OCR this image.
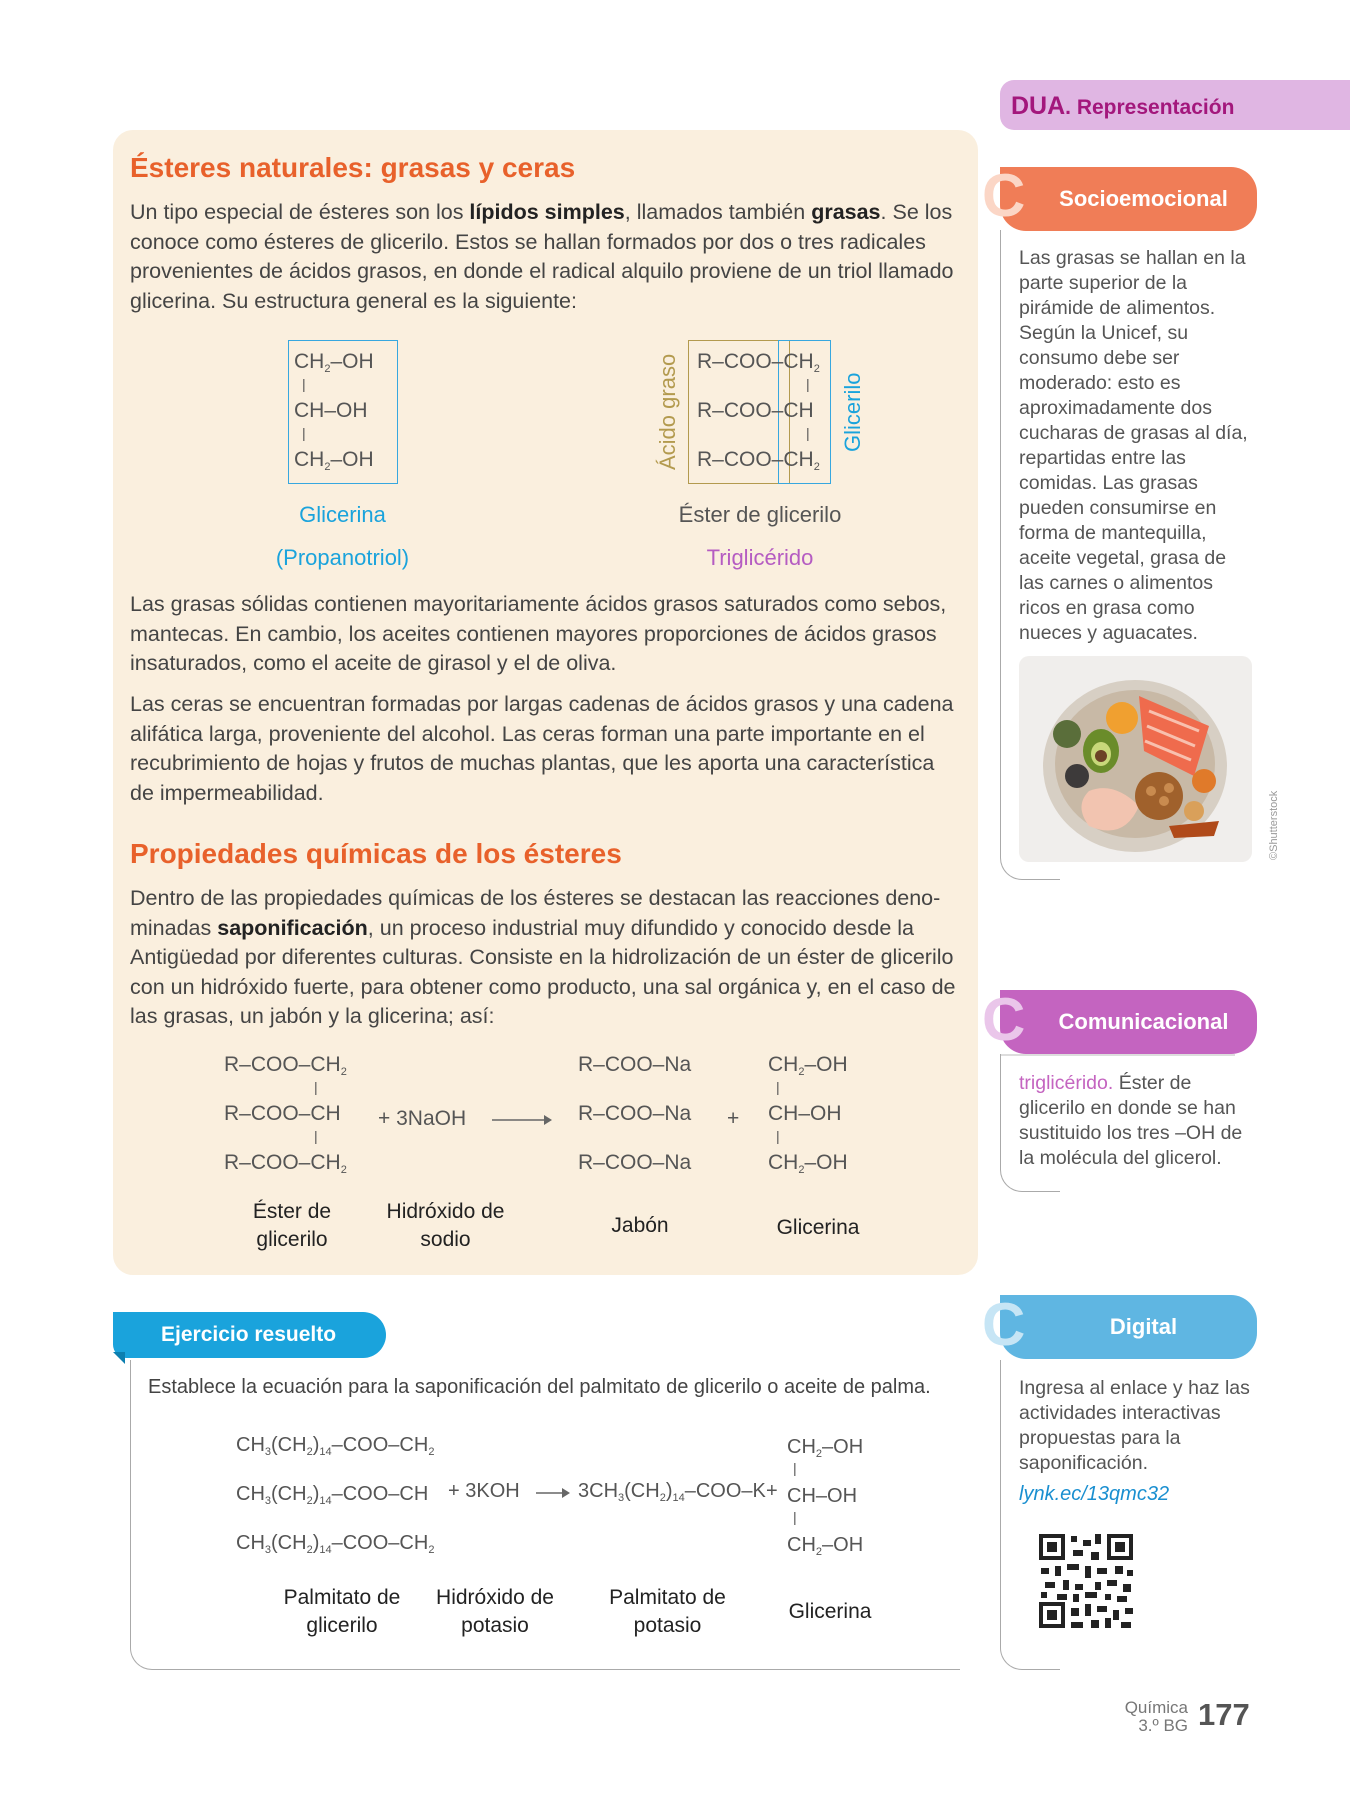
Ésteres naturales: grasas y ceras
Un tipo especial de ésteres son los lípidos simples, llamados también grasas. Se los conoce como ésteres de glicerilo. Estos se hallan formados por dos o tres radicales provenientes de ácidos grasos, en donde el radical alquilo proviene de un triol llamado glicerina. Su estructura general es la siguiente:
$CH_2-OH$
|
CH–OH
|
$CH_2-OH$
Glicerina
(Propanotriol)
Ácido graso	Glicerilo
$R-COO-CH_2$
|
R–COO–CH
|
$R-COO-CH_2$
Éster de glicerilo
Triglicérido
Las grasas sólidas contienen mayoritariamente ácidos grasos saturados como sebos, mantecas. En cambio, los aceites contienen mayores proporciones de ácidos grasos insaturados, como el aceite de girasol y el de oliva.
Las ceras se encuentran formadas por largas cadenas de ácidos grasos y una cadena alifática larga, proveniente del alcohol. Las ceras forman una parte importante en el recubrimiento de hojas y frutos de muchas plantas, que les aporta una característica de impermeabilidad.
Propiedades químicas de los ésteres
Dentro de las propiedades químicas de los ésteres se destacan las reacciones denominadas saponificación, un proceso industrial muy difundido y conocido desde la Antigüedad por diferentes culturas. Consiste en la hidrolización de un éster de glicerilo con un hidróxido fuerte, para obtener como producto, una sal orgánica y, en el caso de las grasas, un jabón y la glicerina; así:
$R-COO-CH_2$
|
R–COO–CH
|
$R-COO-CH_2$
+ 3NaOH →
R–COO–Na
R–COO–Na
R–COO–Na
+
$CH_2-OH$
|
CH–OH
|
$CH_2-OH$
Éster de glicerilo
Hidróxido de sodio
Jabón	Glicerina
Ejercicio resuelto
Establece la ecuación para la saponificación del palmitato de glicerilo o aceite de palma.
$CH_3(CH_2)_{14}-COO-CH_2$
$CH_3(CH_2)_{14}-COO-CH$
$CH_3(CH_2)_{14}-COO-CH_2$
+ 3KOH	$3CH_3(CH_2)_{14}-COO-K$ +
$CH_2-OH$
|
CH–OH
|
$CH_2-OH$
Palmitato de glicerilo
Hidróxido de potasio
Palmitato de potasio
Glicerina
DUA. Representación
Socioemocional
C
Las grasas se hallan en la parte superior de la pirámide de alimentos. Según la Unicef, su consumo debe ser moderado: esto es aproximadamente dos cucharas de grasas al día, repartidas entre las comidas. Las grasas pueden consumirse en forma de mantequilla, aceite vegetal, grasa de las carnes o alimentos ricos en grasa como nueces y aguacates.
©Shutterstock
Comunicacional
C
triglicérido. Éster de glicerilo en donde se han sustituido los tres –OH de la molécula del glicerol.
Digital
C
Ingresa al enlace y haz las actividades interactivas propuestas para la saponificación.
lynk.ec/13qmc32
Química
3.º BG 177
